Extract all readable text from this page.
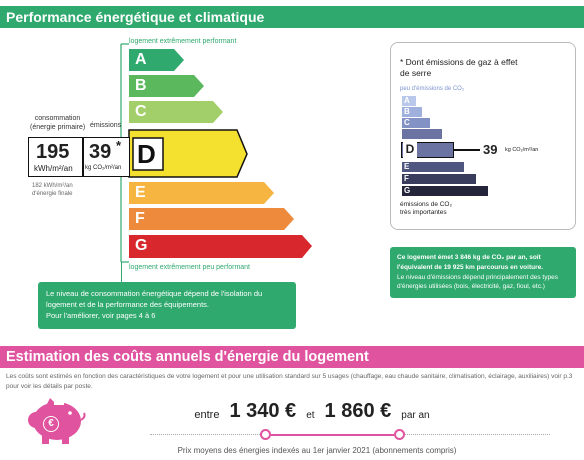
Performance énergétique et climatique
logement extrêmement performant
A
B
C
D
E
F
G
logement extrêmement peu performant
consommation
(énergie primaire) émissions
195
kWh/m²/an
39 *
kg CO₂/m²/an
182 kWh/m²/an
d'énergie finale
Le niveau de consommation énergétique dépend de l'isolation du logement et de la performance des équipements.
Pour l'améliorer, voir pages 4 à 6
* Dont émissions de gaz à effet de serre
peu d'émissions de CO₂
A
B
C
D	39 kg CO₂/m²/an
E
F
G
émissions de CO₂
très importantes
Ce logement émet 3 846 kg de CO₂ par an, soit l'équivalent de 19 925 km parcourus en voiture.
Le niveau d'émissions dépend principalement des types d'énergies utilisées (bois, électricité, gaz, fioul, etc.)
Estimation des coûts annuels d'énergie du logement
Les coûts sont estimés en fonction des caractéristiques de votre logement et pour une utilisation standard sur 5 usages (chauffage, eau chaude sanitaire, climatisation, éclairage, auxiliaires) voir p.3 pour voir les détails par poste.
€
entre 1 340 € et 1 860 € par an
Prix moyens des énergies indexés au 1er janvier 2021 (abonnements compris)
